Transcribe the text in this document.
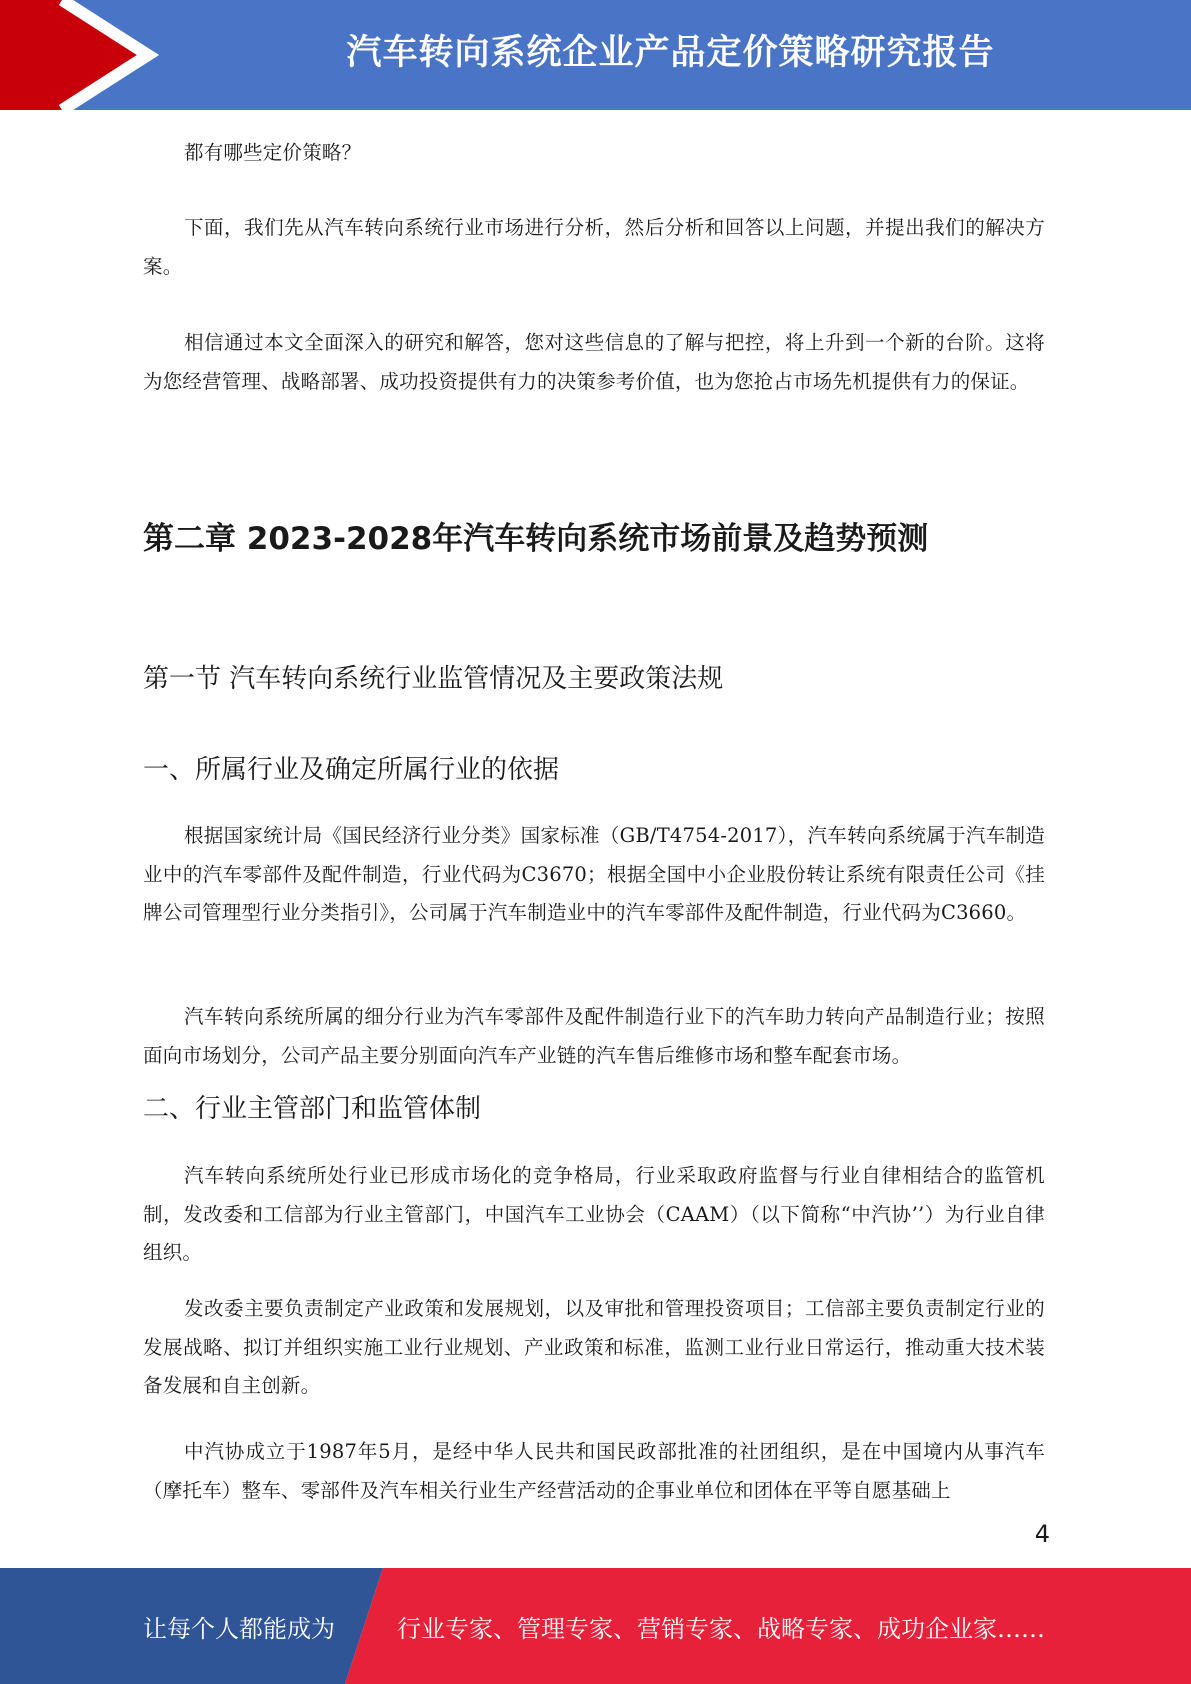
汽车转向系统企业产品定价策略研究报告

都有哪些定价策略？

下面，我们先从汽车转向系统行业市场进行分析，然后分析和回答以上问题，并提出我们的解决方案。

相信通过本文全面深入的研究和解答，您对这些信息的了解与把控，将上升到一个新的台阶。这将为您经营管理、战略部署、成功投资提供有力的决策参考价值，也为您抢占市场先机提供有力的保证。

第二章 2023-2028年汽车转向系统市场前景及趋势预测
第一节 汽车转向系统行业监管情况及主要政策法规
一、所属行业及确定所属行业的依据

根据国家统计局《国民经济行业分类》国家标准（GB/T4754-2017），汽车转向系统属于汽车制造业中的汽车零部件及配件制造，行业代码为C3670；根据全国中小企业股份转让系统有限责任公司《挂牌公司管理型行业分类指引》，公司属于汽车制造业中的汽车零部件及配件制造，行业代码为C3660。

汽车转向系统所属的细分行业为汽车零部件及配件制造行业下的汽车助力转向产品制造行业；按照面向市场划分，公司产品主要分别面向汽车产业链的汽车售后维修市场和整车配套市场。

二、行业主管部门和监管体制

汽车转向系统所处行业已形成市场化的竞争格局，行业采取政府监督与行业自律相结合的监管机制，发改委和工信部为行业主管部门，中国汽车工业协会（CAAM）（以下简称“中汽协’’）为行业自律组织。

发改委主要负责制定产业政策和发展规划，以及审批和管理投资项目；工信部主要负责制定行业的发展战略、拟订并组织实施工业行业规划、产业政策和标准，监测工业行业日常运行，推动重大技术装备发展和自主创新。

中汽协成立于1987年5月，是经中华人民共和国民政部批准的社团组织，是在中国境内从事汽车（摩托车）整车、零部件及汽车相关行业生产经营活动的企事业单位和团体在平等自愿基础上

4
让每个人都能成为	行业专家、管理专家、营销专家、战略专家、成功企业家……
